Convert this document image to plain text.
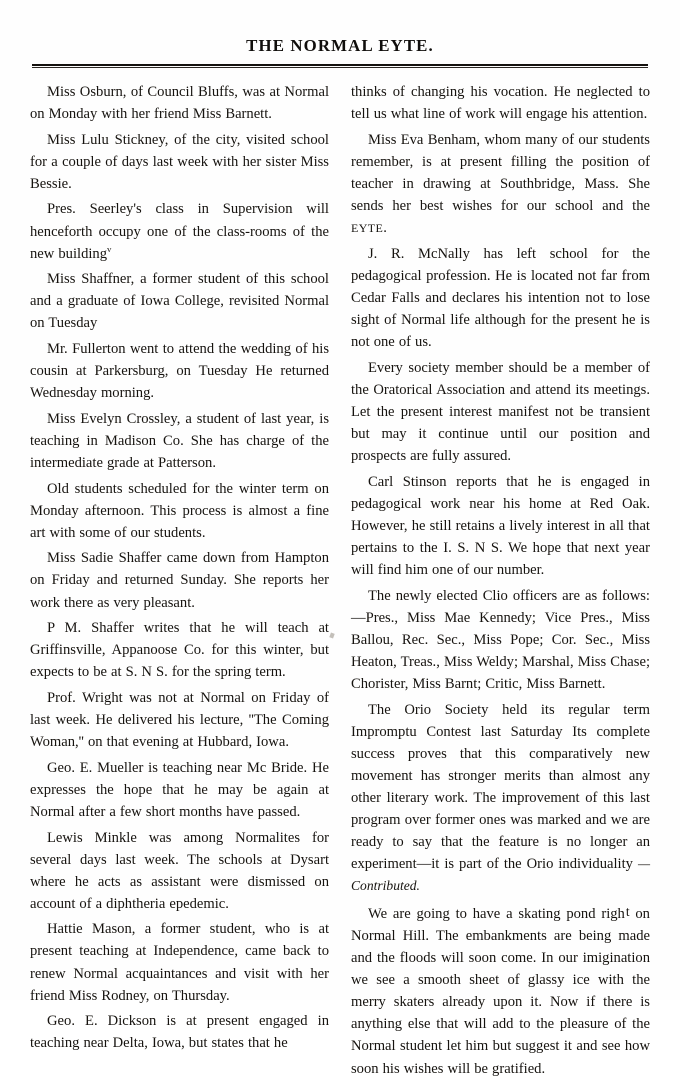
THE NORMAL EYTE.

Miss Osburn, of Council Bluffs, was at Normal on Monday with her friend Miss Barnett.

Miss Lulu Stickney, of the city, visited school for a couple of days last week with her sister Miss Bessie.

Pres. Seerley's class in Supervision will henceforth occupy one of the class-rooms of the new building$^v$

Miss Shaffner, a former student of this school and a graduate of Iowa College, revisited Normal on Tuesday

Mr. Fullerton went to attend the wedding of his cousin at Parkersburg, on Tuesday He returned Wednesday morning.

Miss Evelyn Crossley, a student of last year, is teaching in Madison Co. She has charge of the intermediate grade at Patterson.

Old students scheduled for the winter term on Monday afternoon. This process is almost a fine art with some of our students.

Miss Sadie Shaffer came down from Hampton on Friday and returned Sunday. She reports her work there as very pleasant.

P M. Shaffer writes that he will teach at Griffinsville, Appanoose Co. for this winter, but expects to be at S. N S. for the spring term.

Prof. Wright was not at Normal on Friday of last week. He delivered his lecture, ''The Coming Woman,'' on that evening at Hubbard, Iowa.

Geo. E. Mueller is teaching near Mc Bride. He expresses the hope that he may be again at Normal after a few short months have passed.

Lewis Minkle was among Normalites for several days last week. The schools at Dysart where he acts as assistant were dismissed on account of a diphtheria epedemic.

Hattie Mason, a former student, who is at present teaching at Independence, came back to renew Normal acquaintances and visit with her friend Miss Rodney, on Thursday.

Geo. E. Dickson is at present engaged in teaching near Delta, Iowa, but states that he

thinks of changing his vocation. He neglected to tell us what line of work will engage his attention.

Miss Eva Benham, whom many of our students remember, is at present filling the position of teacher in drawing at Southbridge, Mass. She sends her best wishes for our school and the EYTE.

J. R. McNally has left school for the pedagogical profession. He is located not far from Cedar Falls and declares his intention not to lose sight of Normal life although for the present he is not one of us.

Every society member should be a member of the Oratorical Association and attend its meetings. Let the present interest manifest not be transient but may it continue until our position and prospects are fully assured.

Carl Stinson reports that he is engaged in pedagogical work near his home at Red Oak. However, he still retains a lively interest in all that pertains to the I. S. N S. We hope that next year will find him one of our number.

The newly elected Clio officers are as follows:—Pres., Miss Mae Kennedy; Vice Pres., Miss Ballou, Rec. Sec., Miss Pope; Cor. Sec., Miss Heaton, Treas., Miss Weldy; Marshal, Miss Chase; Chorister, Miss Barnt; Critic, Miss Barnett.

The Orio Society held its regular term Impromptu Contest last Saturday Its complete success proves that this comparatively new movement has stronger merits than almost any other literary work. The improvement of this last program over former ones was marked and we are ready to say that the feature is no longer an experiment—it is part of the Orio individuality —Contributed.

We are going to have a skating pond right on Normal Hill. The embankments are being made and the floods will soon come. In our imigination we see a smooth sheet of glassy ice with the merry skaters already upon it. Now if there is anything else that will add to the pleasure of the Normal student let him but suggest it and see how soon his wishes will be gratified.
